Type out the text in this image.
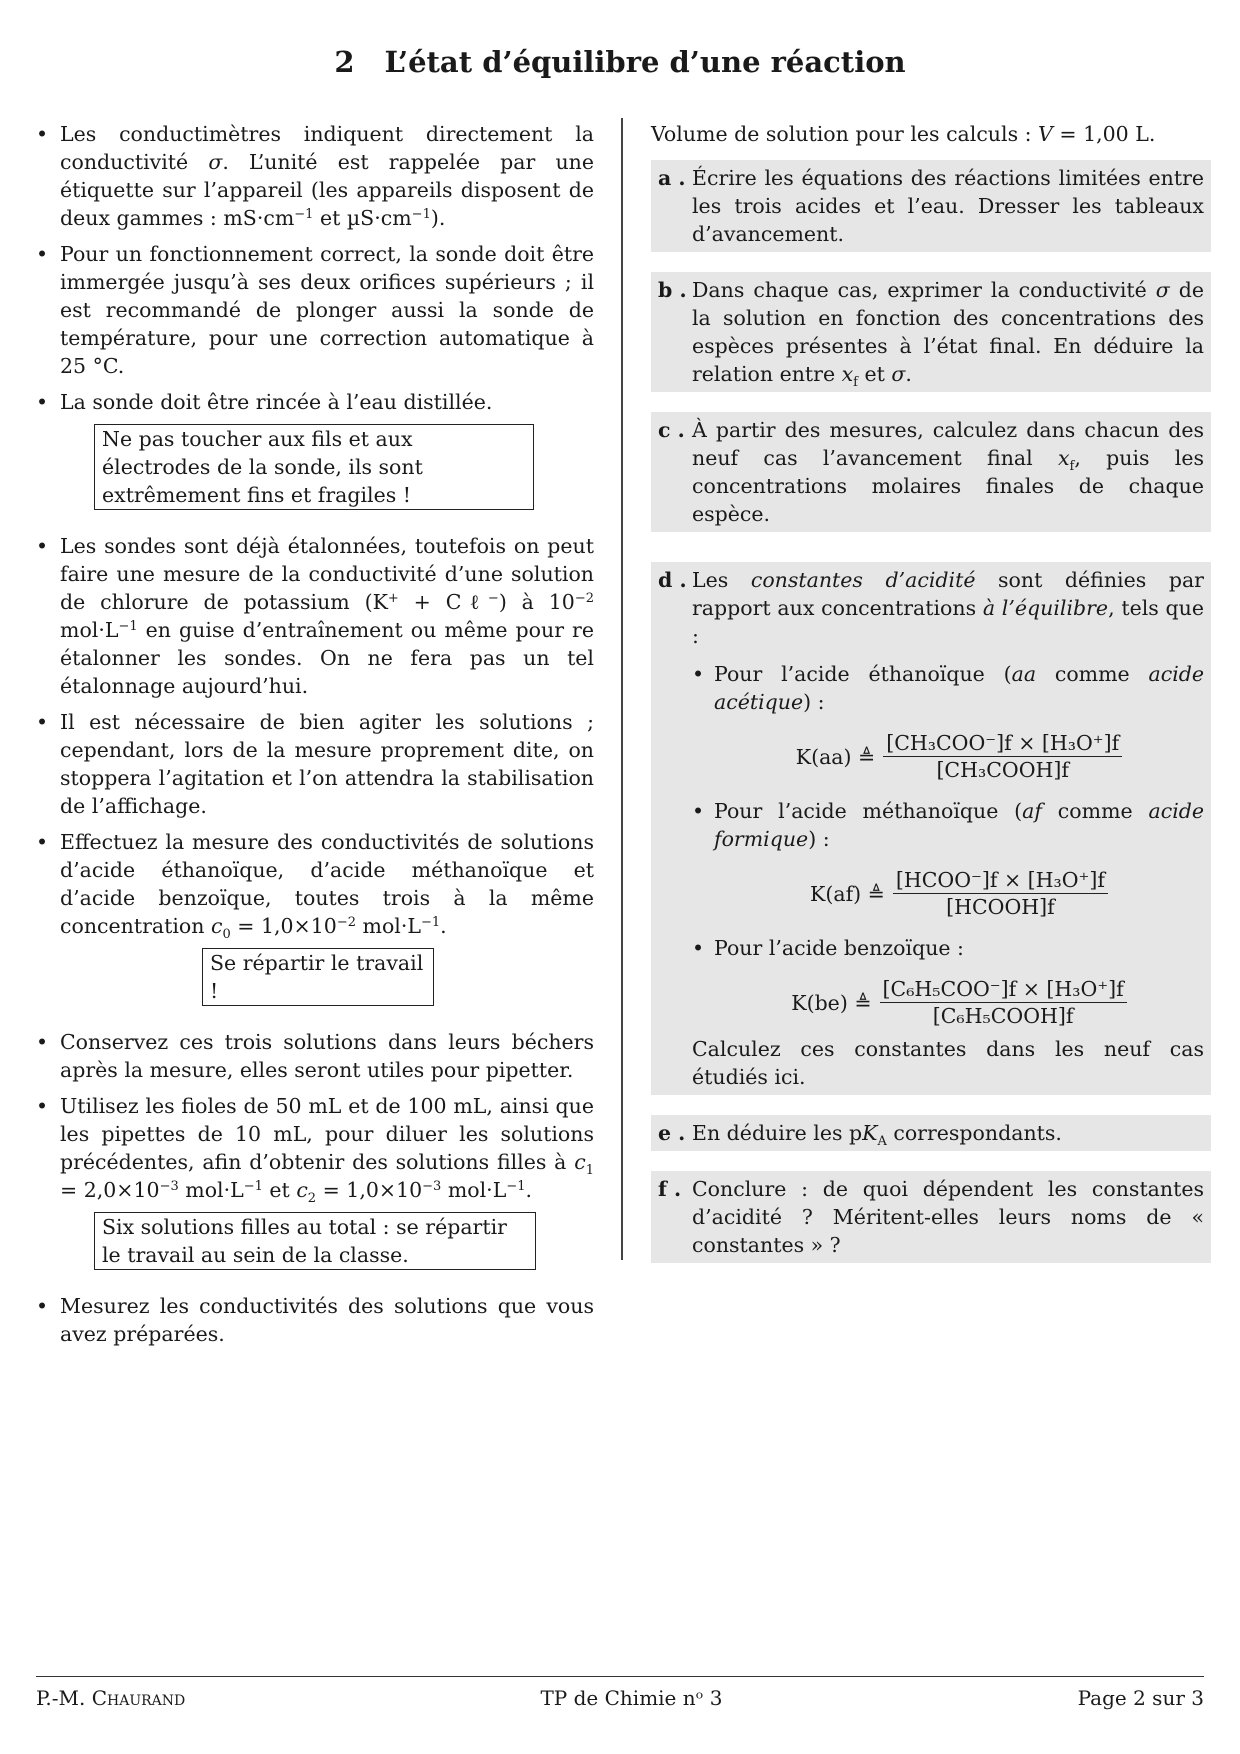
2 L’état d’équilibre d’une réaction
• Les conductimètres indiquent directement la conductivité σ. L’unité est rappelée par une étiquette sur l’appareil (les appareils disposent de deux gammes : $mS\cdot cm^{-1}$ et $\mu S\cdot cm^{-1}$).
• Pour un fonctionnement correct, la sonde doit être immergée jusqu’à ses deux orifices supérieurs ; il est recommandé de plonger aussi la sonde de température, pour une correction automatique à 25 °C.
• La sonde doit être rincée à l’eau distillée.
Ne pas toucher aux fils et aux électrodes de la sonde, ils sont extrêmement fins et fragiles !
• Les sondes sont déjà étalonnées, toutefois on peut faire une mesure de la conductivité d’une solution de chlorure de potassium (K+ + Cℓ−) à $10^{-2}$ $mol\cdot L^{-1}$ en guise d’entraînement ou même pour re étalonner les sondes. On ne fera pas un tel étalonnage aujourd’hui.
• Il est nécessaire de bien agiter les solutions ; cependant, lors de la mesure proprement dite, on stoppera l’agitation et l’on attendra la stabilisation de l’affichage.
• Effectuez la mesure des conductivités de solutions d’acide éthanoïque, d’acide méthanoïque et d’acide benzoïque, toutes trois à la même concentration $c_0 = 1,0\times 10^{-2}$ $mol\cdot L^{-1}$.
Se répartir le travail !
• Conservez ces trois solutions dans leurs béchers après la mesure, elles seront utiles pour pipetter.
• Utilisez les fioles de 50 mL et de 100 mL, ainsi que les pipettes de 10 mL, pour diluer les solutions précédentes, afin d’obtenir des solutions filles à $c_1 = 2,0\times 10^{-3}$ $mol\cdot L^{-1}$ et $c_2 = 1,0\times 10^{-3}$ $mol\cdot L^{-1}$.
Six solutions filles au total : se répartir le travail au sein de la classe.
• Mesurez les conductivités des solutions que vous avez préparées.
Volume de solution pour les calculs : V = 1,00 L.
a . Écrire les équations des réactions limitées entre les trois acides et l’eau. Dresser les tableaux d’avancement.
b . Dans chaque cas, exprimer la conductivité σ de la solution en fonction des concentrations des espèces présentes à l’état final. En déduire la relation entre $x_f$ et σ.
c . À partir des mesures, calculez dans chacun des neuf cas l’avancement final $x_f$, puis les concentrations molaires finales de chaque espèce.
d . Les constantes d’acidité sont définies par rapport aux concentrations à l’équilibre, tels que :
• Pour l’acide éthanoïque (aa comme acide acétique) :
K(aa) ≜ $\frac{\text{[CH₃COO⁻]f × [H₃O⁺]f}}{\text{[CH₃COOH]f}}$
• Pour l’acide méthanoïque (af comme acide formique) :
K(af) ≜ $\frac{\text{[HCOO⁻]f × [H₃O⁺]f}}{\text{[HCOOH]f}}$
• Pour l’acide benzoïque :
K(be) ≜ $\frac{\text{[C₆H₅COO⁻]f × [H₃O⁺]f}}{\text{[C₆H₅COOH]f}}$
Calculez ces constantes dans les neuf cas étudiés ici.
e . En déduire les $pK_A$ correspondants.
f . Conclure : de quoi dépendent les constantes d’acidité ? Méritent-elles leurs noms de « constantes » ?
P.-M. Chaurand	TP de Chimie nᵒ 3	Page 2 sur 3
